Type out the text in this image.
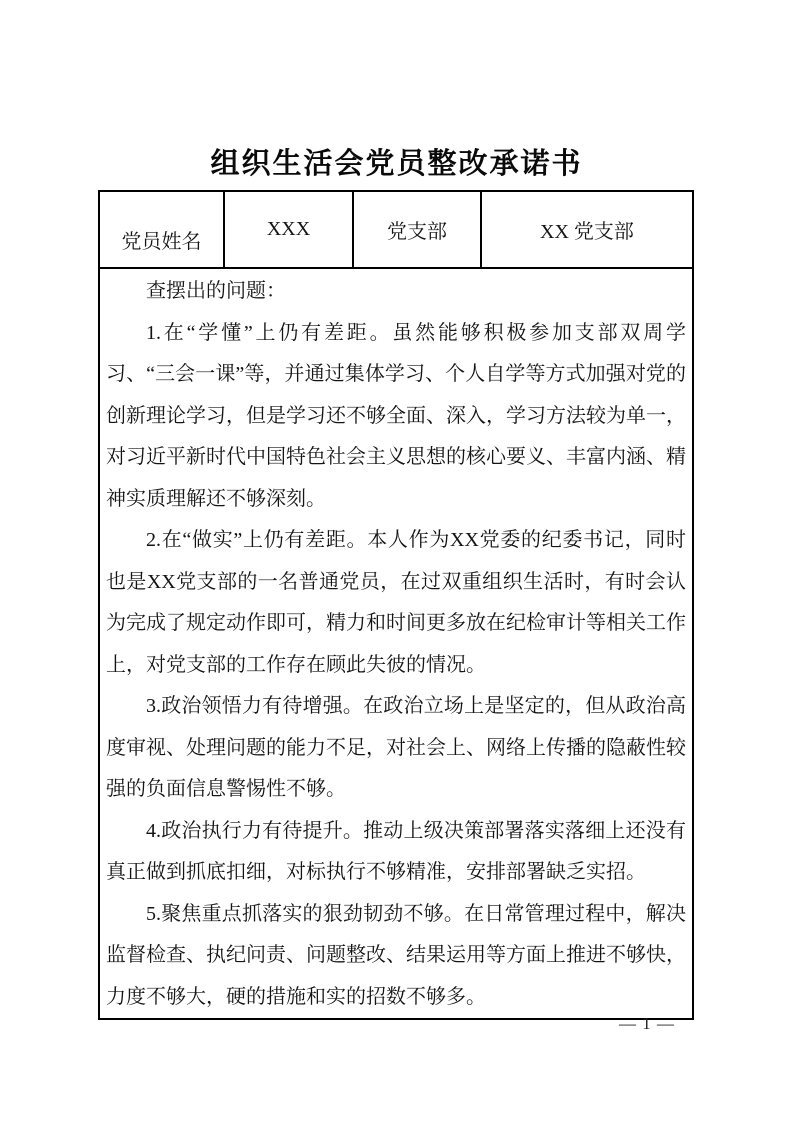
组织生活会党员整改承诺书
党员姓名	XXX	党支部	XX 党支部

查摆出的问题：

1.在“学懂”上仍有差距。虽然能够积极参加支部双周学习、“三会一课”等，并通过集体学习、个人自学等方式加强对党的创新理论学习，但是学习还不够全面、深入，学习方法较为单一，对习近平新时代中国特色社会主义思想的核心要义、丰富内涵、精神实质理解还不够深刻。

2.在“做实”上仍有差距。本人作为XX党委的纪委书记，同时也是XX党支部的一名普通党员，在过双重组织生活时，有时会认为完成了规定动作即可，精力和时间更多放在纪检审计等相关工作上，对党支部的工作存在顾此失彼的情况。

3.政治领悟力有待增强。在政治立场上是坚定的，但从政治高度审视、处理问题的能力不足，对社会上、网络上传播的隐蔽性较强的负面信息警惕性不够。

4.政治执行力有待提升。推动上级决策部署落实落细上还没有真正做到抓底扣细，对标执行不够精准，安排部署缺乏实招。

5.聚焦重点抓落实的狠劲韧劲不够。在日常管理过程中，解决监督检查、执纪问责、问题整改、结果运用等方面上推进不够快，力度不够大，硬的措施和实的招数不够多。

— 1 —
